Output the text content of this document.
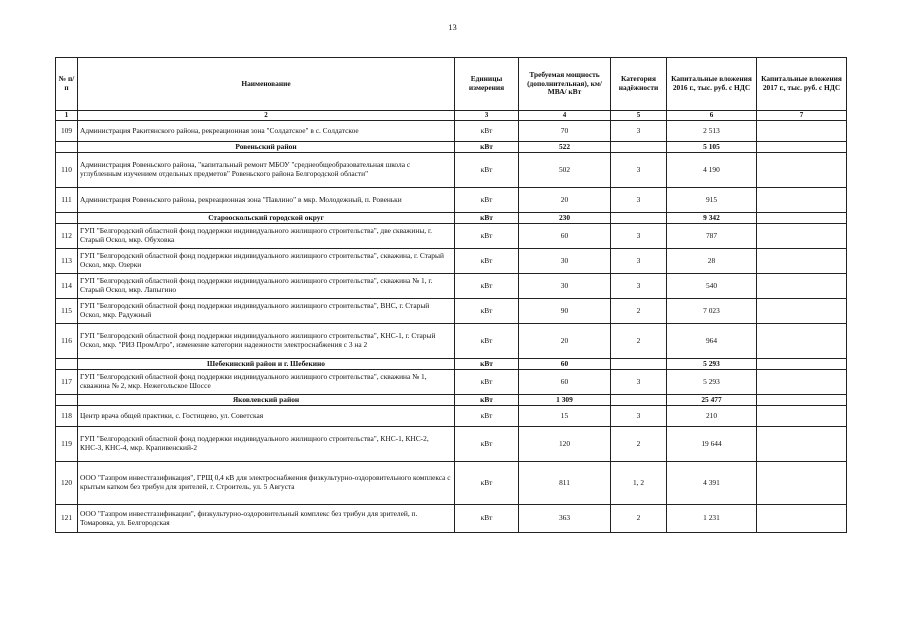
13
№ п/п	Наименование	Единицы измерения	Требуемая мощность (дополнительная), км/ МВА/ кВт	Категория надёжности	Капитальные вложения 2016 г., тыс. руб. с НДС	Капитальные вложения 2017 г., тыс. руб. с НДС
1	2	3	4	5	6	7
109	Администрация Ракитянского района, рекреационная зона "Солдатское" в с. Солдатское	кВт	70	3	2 513	
	Ровеньский район	кВт	522		5 105	
110	Администрация Ровеньского района, "капитальный ремонт МБОУ "среднеобщеобразовательная школа с углубленным изучением отдельных предметов" Ровеньского района Белгородской области"	кВт	502	3	4 190	
111	Администрация Ровеньского района, рекреационная зона "Павлино" в мкр. Молодежный, п. Ровеньки	кВт	20	3	915	
	Старооскольский городской округ	кВт	230		9 342	
112	ГУП "Белгородский областной фонд поддержки индивидуального жилищного строительства", две скважины, г. Старый Оскол, мкр. Обуховка	кВт	60	3	787	
113	ГУП "Белгородский областной фонд поддержки индивидуального жилищного строительства", скважина, г. Старый Оскол, мкр. Озерки	кВт	30	3	28	
114	ГУП "Белгородский областной фонд поддержки индивидуального жилищного строительства", скважина № 1, г. Старый Оскол, мкр. Лапыгино	кВт	30	3	540	
115	ГУП "Белгородский областной фонд поддержки индивидуального жилищного строительства", ВНС, г. Старый Оскол, мкр. Радужный	кВт	90	2	7 023	
116	ГУП "Белгородский областной фонд поддержки индивидуального жилищного строительства", КНС-1, г. Старый Оскол, мкр. "РИЗ ПромАгро", изменение категории надежности электроснабжения с 3 на 2	кВт	20	2	964	
	Шебекинский район и г. Шебекино	кВт	60		5 293	
117	ГУП "Белгородский областной фонд поддержки индивидуального жилищного строительства", скважина № 1, скважина № 2, мкр. Нежегольское Шоссе	кВт	60	3	5 293	
	Яковлевский район	кВт	1 309		25 477	
118	Центр врача общей практики, с. Гостищево, ул. Советская	кВт	15	3	210	
119	ГУП "Белгородский областной фонд поддержки индивидуального жилищного строительства", КНС-1, КНС-2, КНС-3, КНС-4, мкр. Крапивенский-2	кВт	120	2	19 644	
120	ООО "Газпром инвестгазификация", ГРЩ 0,4 кВ для электроснабжения физкультурно-оздоровительного комплекса с крытым катком без трибун для зрителей, г. Строитель, ул. 5 Августа	кВт	811	1, 2	4 391	
121	ООО "Газпром инвестгазификации", физкультурно-оздоровительный комплекс без трибун для зрителей, п. Томаровка, ул. Белгородская	кВт	363	2	1 231	
